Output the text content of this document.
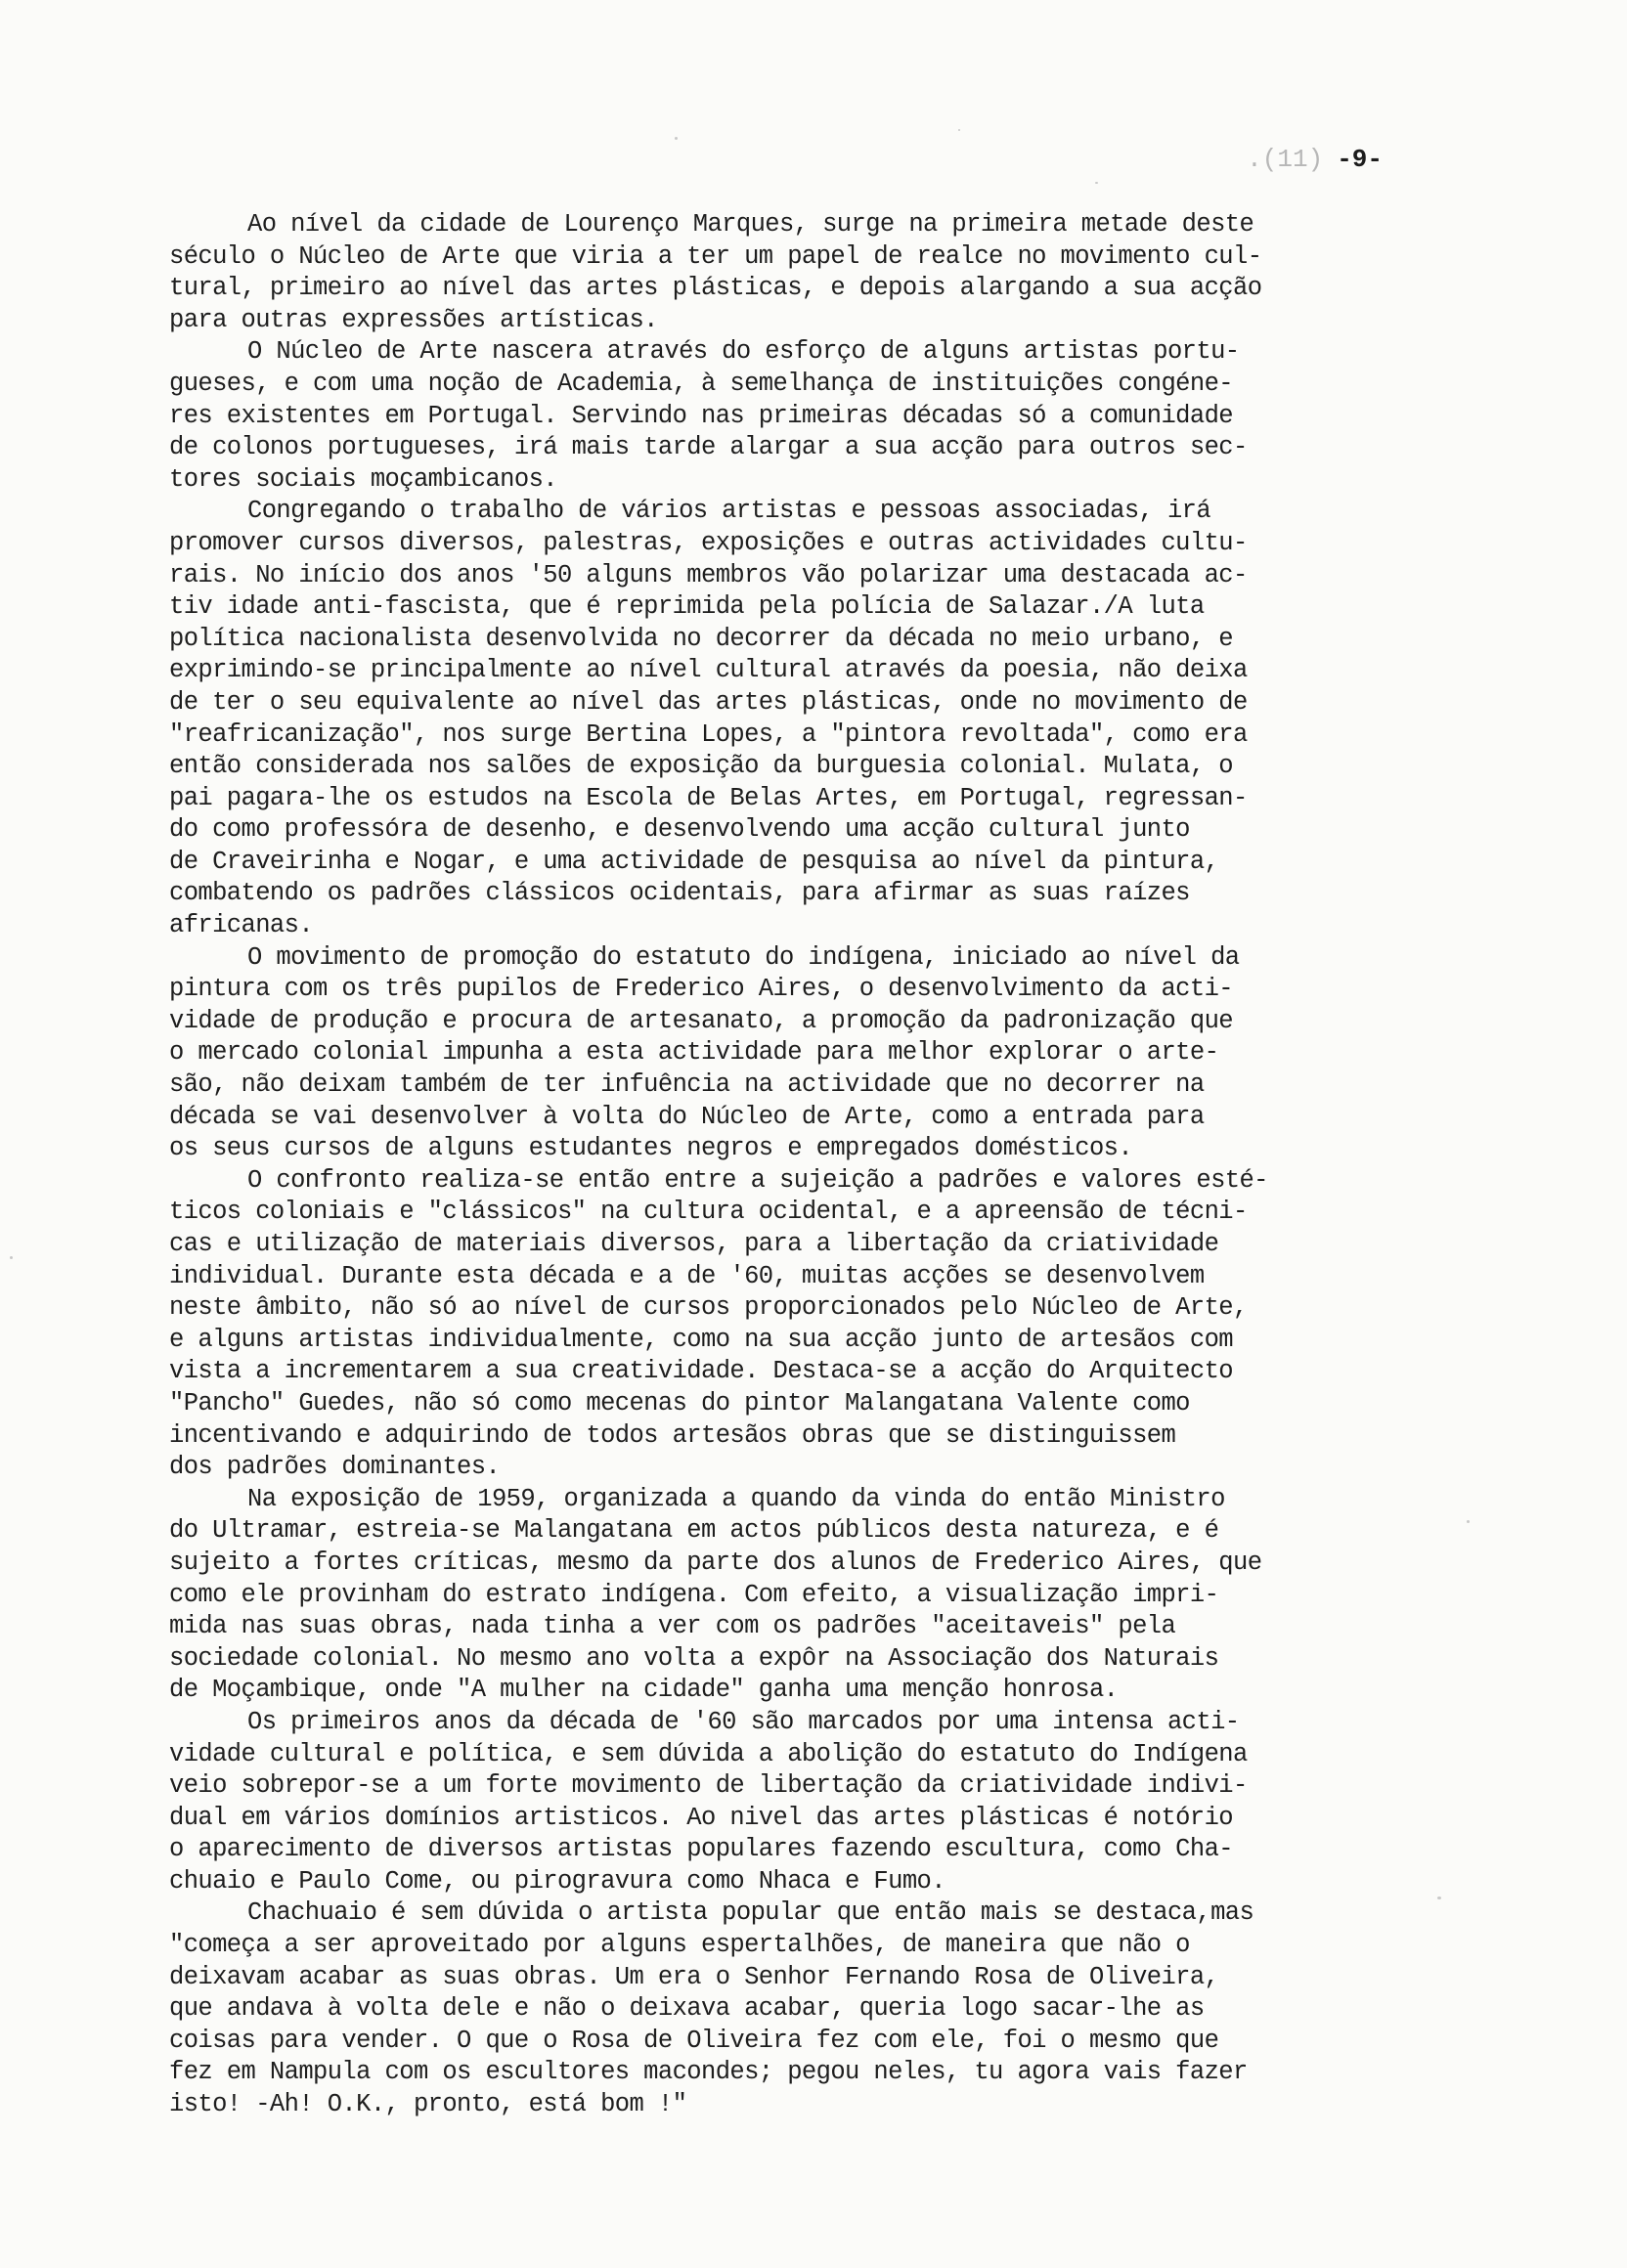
.(11) -9-
Ao nível da cidade de Lourenço Marques, surge na primeira metade deste
século o Núcleo de Arte que viria a ter um papel de realce no movimento cul-
tural, primeiro ao nível das artes plásticas, e depois alargando a sua acção
para outras expressões artísticas.
O Núcleo de Arte nascera através do esforço de alguns artistas portu-
gueses, e com uma noção de Academia, à semelhança de instituições congéne-
res existentes em Portugal. Servindo nas primeiras décadas só a comunidade
de colonos portugueses, irá mais tarde alargar a sua acção para outros sec-
tores sociais moçambicanos.
Congregando o trabalho de vários artistas e pessoas associadas, irá
promover cursos diversos, palestras, exposições e outras actividades cultu-
rais. No início dos anos '50 alguns membros vão polarizar uma destacada ac-
tiv idade anti-fascista, que é reprimida pela polícia de Salazar./A luta
política nacionalista desenvolvida no decorrer da década no meio urbano, e
exprimindo-se principalmente ao nível cultural através da poesia, não deixa
de ter o seu equivalente ao nível das artes plásticas, onde no movimento de
"reafricanização", nos surge Bertina Lopes, a "pintora revoltada", como era
então considerada nos salões de exposição da burguesia colonial. Mulata, o
pai pagara-lhe os estudos na Escola de Belas Artes, em Portugal, regressan-
do como professóra de desenho, e desenvolvendo uma acção cultural junto
de Craveirinha e Nogar, e uma actividade de pesquisa ao nível da pintura,
combatendo os padrões clássicos ocidentais, para afirmar as suas raízes
africanas.
O movimento de promoção do estatuto do indígena, iniciado ao nível da
pintura com os três pupilos de Frederico Aires, o desenvolvimento da acti-
vidade de produção e procura de artesanato, a promoção da padronização que
o mercado colonial impunha a esta actividade para melhor explorar o arte-
são, não deixam também de ter infuência na actividade que no decorrer na
década se vai desenvolver à volta do Núcleo de Arte, como a entrada para
os seus cursos de alguns estudantes negros e empregados domésticos.
O confronto realiza-se então entre a sujeição a padrões e valores esté-
ticos coloniais e "clássicos" na cultura ocidental, e a apreensão de técni-
cas e utilização de materiais diversos, para a libertação da criatividade
individual. Durante esta década e a de '60, muitas acções se desenvolvem
neste âmbito, não só ao nível de cursos proporcionados pelo Núcleo de Arte,
e alguns artistas individualmente, como na sua acção junto de artesãos com
vista a incrementarem a sua creatividade. Destaca-se a acção do Arquitecto
"Pancho" Guedes, não só como mecenas do pintor Malangatana Valente como
incentivando e adquirindo de todos artesãos obras que se distinguissem
dos padrões dominantes.
Na exposição de 1959, organizada a quando da vinda do então Ministro
do Ultramar, estreia-se Malangatana em actos públicos desta natureza, e é
sujeito a fortes críticas, mesmo da parte dos alunos de Frederico Aires, que
como ele provinham do estrato indígena. Com efeito, a visualização impri-
mida nas suas obras, nada tinha a ver com os padrões "aceitaveis" pela
sociedade colonial. No mesmo ano volta a expôr na Associação dos Naturais
de Moçambique, onde "A mulher na cidade" ganha uma menção honrosa.
Os primeiros anos da década de '60 são marcados por uma intensa acti-
vidade cultural e política, e sem dúvida a abolição do estatuto do Indígena
veio sobrepor-se a um forte movimento de libertação da criatividade indivi-
dual em vários domínios artisticos. Ao nivel das artes plásticas é notório
o aparecimento de diversos artistas populares fazendo escultura, como Cha-
chuaio e Paulo Come, ou pirogravura como Nhaca e Fumo.
Chachuaio é sem dúvida o artista popular que então mais se destaca,mas
"começa a ser aproveitado por alguns espertalhões, de maneira que não o
deixavam acabar as suas obras. Um era o Senhor Fernando Rosa de Oliveira,
que andava à volta dele e não o deixava acabar, queria logo sacar-lhe as
coisas para vender. O que o Rosa de Oliveira fez com ele, foi o mesmo que
fez em Nampula com os escultores macondes; pegou neles, tu agora vais fazer
isto! -Ah! O.K., pronto, está bom !"
